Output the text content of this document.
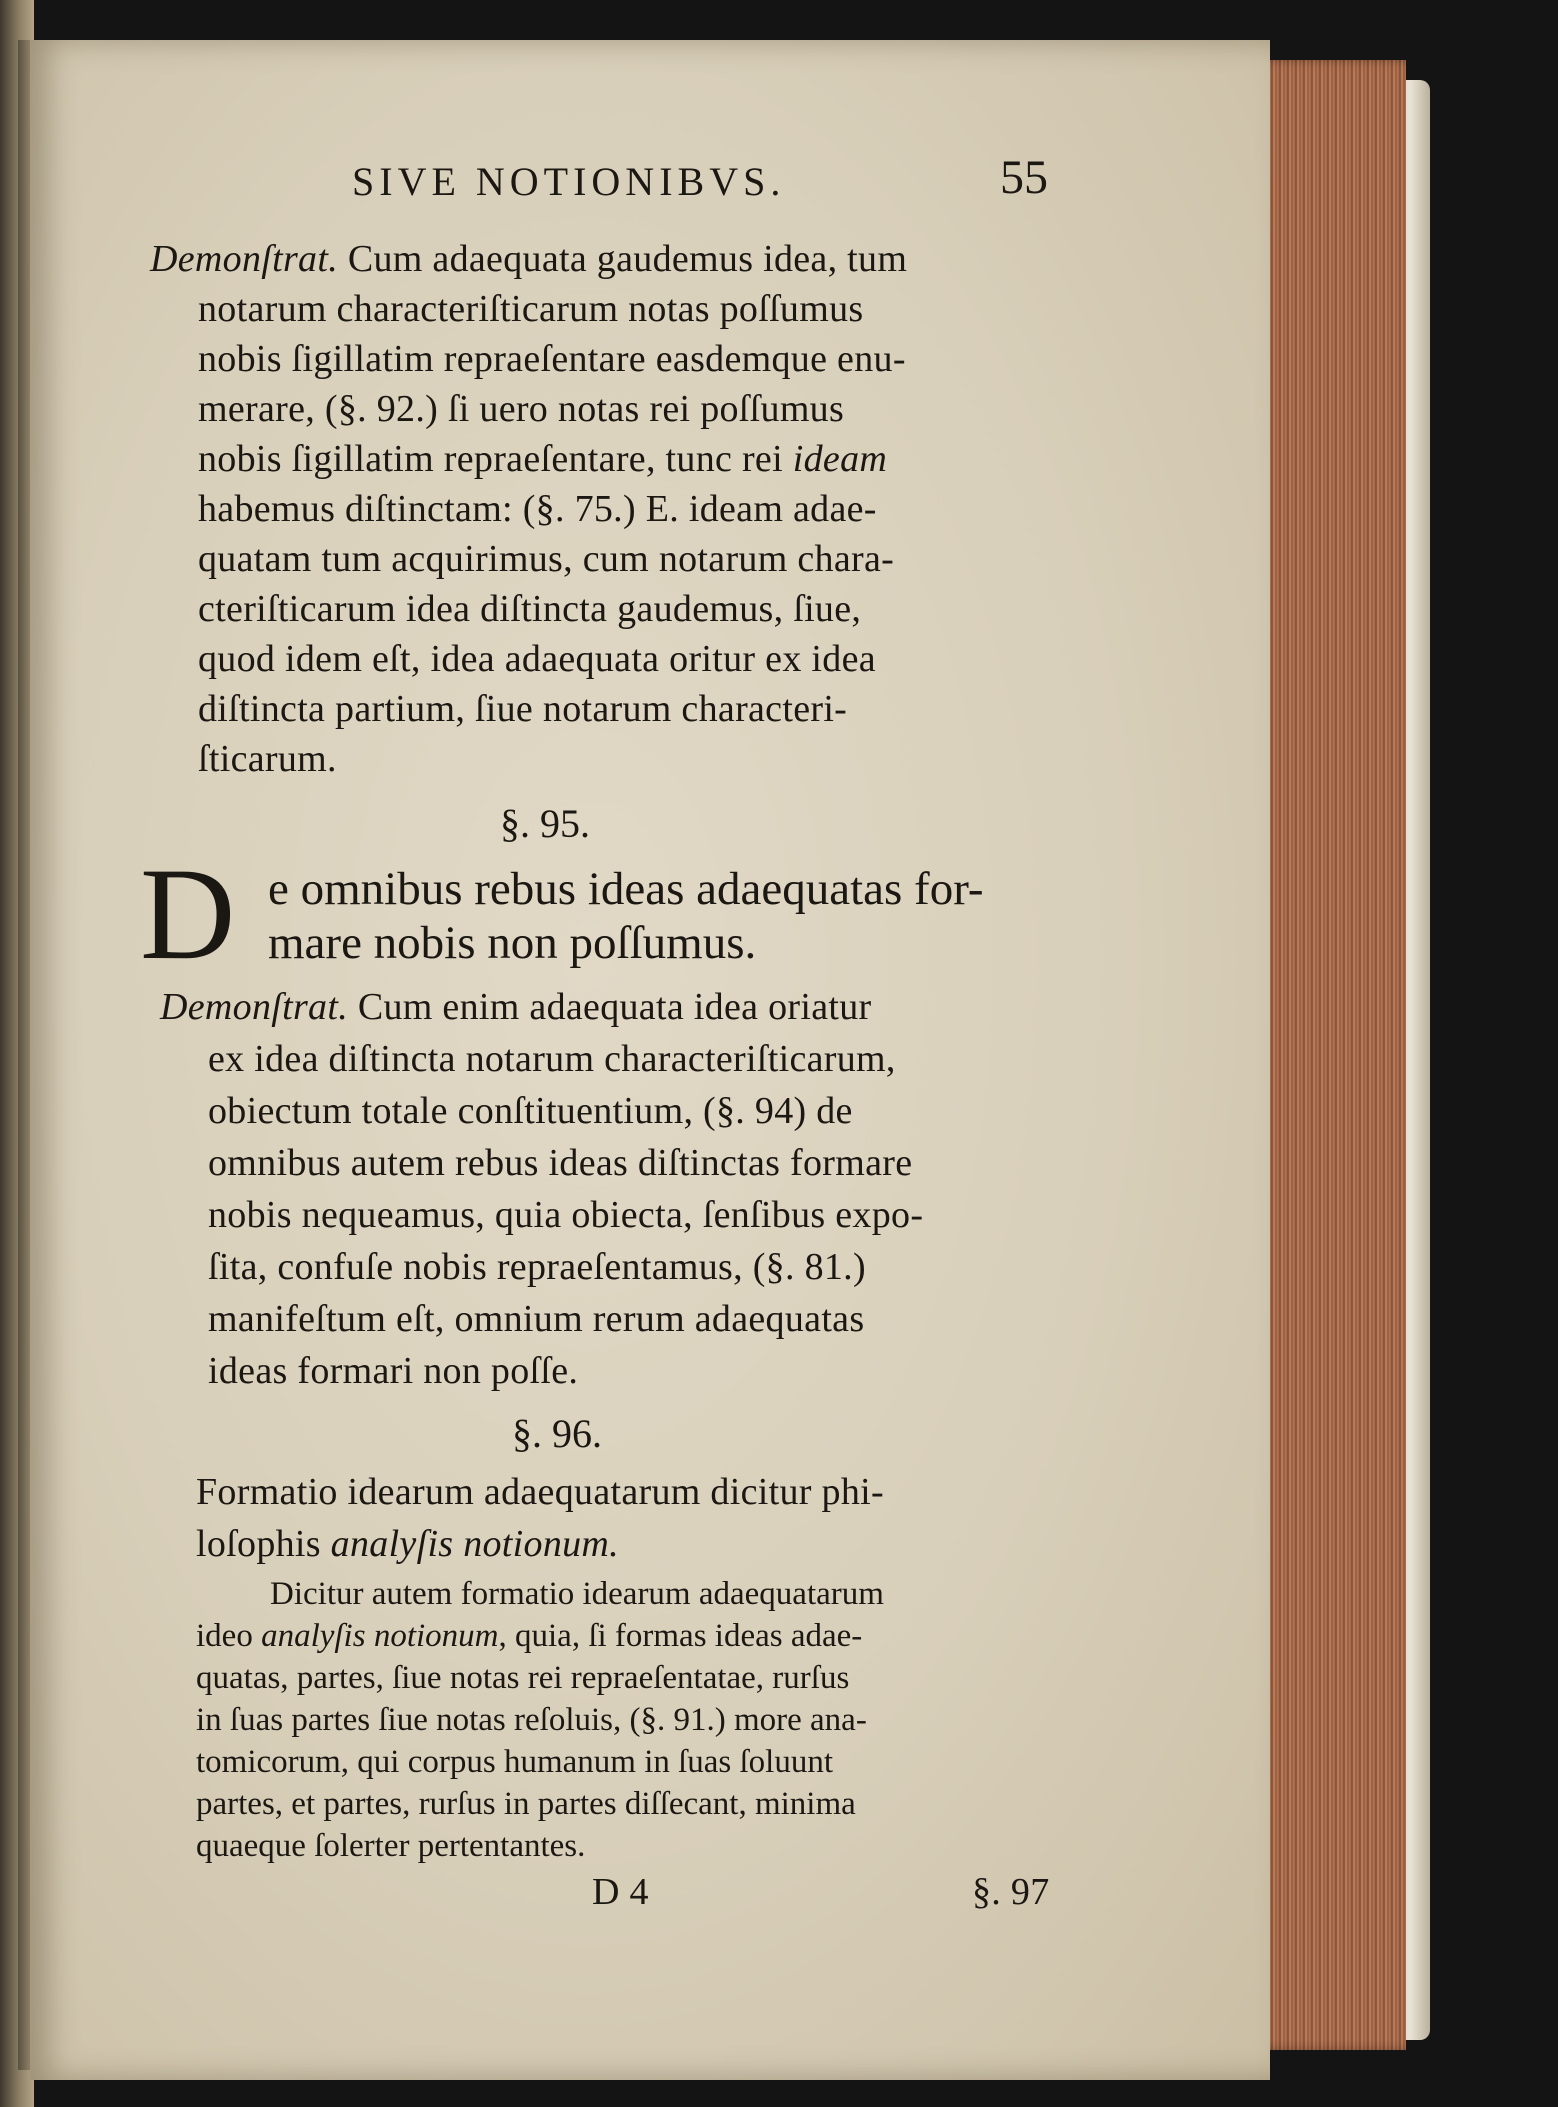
SIVE NOTIONIBVS.	55
Demonſtrat. Cum adaequata gaudemus idea, tum
notarum characteriſticarum notas poſſumus
nobis ſigillatim repraeſentare easdemque enu-
merare, (§. 92.) ſi uero notas rei poſſumus
nobis ſigillatim repraeſentare, tunc rei ideam
habemus diſtinctam: (§. 75.) E. ideam adae-
quatam tum acquirimus, cum notarum chara-
cteriſticarum idea diſtincta gaudemus, ſiue,
quod idem eſt, idea adaequata oritur ex idea
diſtincta partium, ſiue notarum characteri-
ſticarum.
§. 95.
D e omnibus rebus ideas adaequatas for-
mare nobis non poſſumus.
Demonſtrat. Cum enim adaequata idea oriatur
ex idea diſtincta notarum characteriſticarum,
obiectum totale conſtituentium, (§. 94) de
omnibus autem rebus ideas diſtinctas formare
nobis nequeamus, quia obiecta, ſenſibus expo-
ſita, confuſe nobis repraeſentamus, (§. 81.)
manifeſtum eſt, omnium rerum adaequatas
ideas formari non poſſe.
§. 96.
Formatio idearum adaequatarum dicitur phi-
loſophis analyſis notionum.
Dicitur autem formatio idearum adaequatarum
ideo analyſis notionum, quia, ſi formas ideas adae-
quatas, partes, ſiue notas rei repraeſentatae, rurſus
in ſuas partes ſiue notas reſoluis, (§. 91.) more ana-
tomicorum, qui corpus humanum in ſuas ſoluunt
partes, et partes, rurſus in partes diſſecant, minima
quaeque ſolerter pertentantes.
D 4	§. 97
